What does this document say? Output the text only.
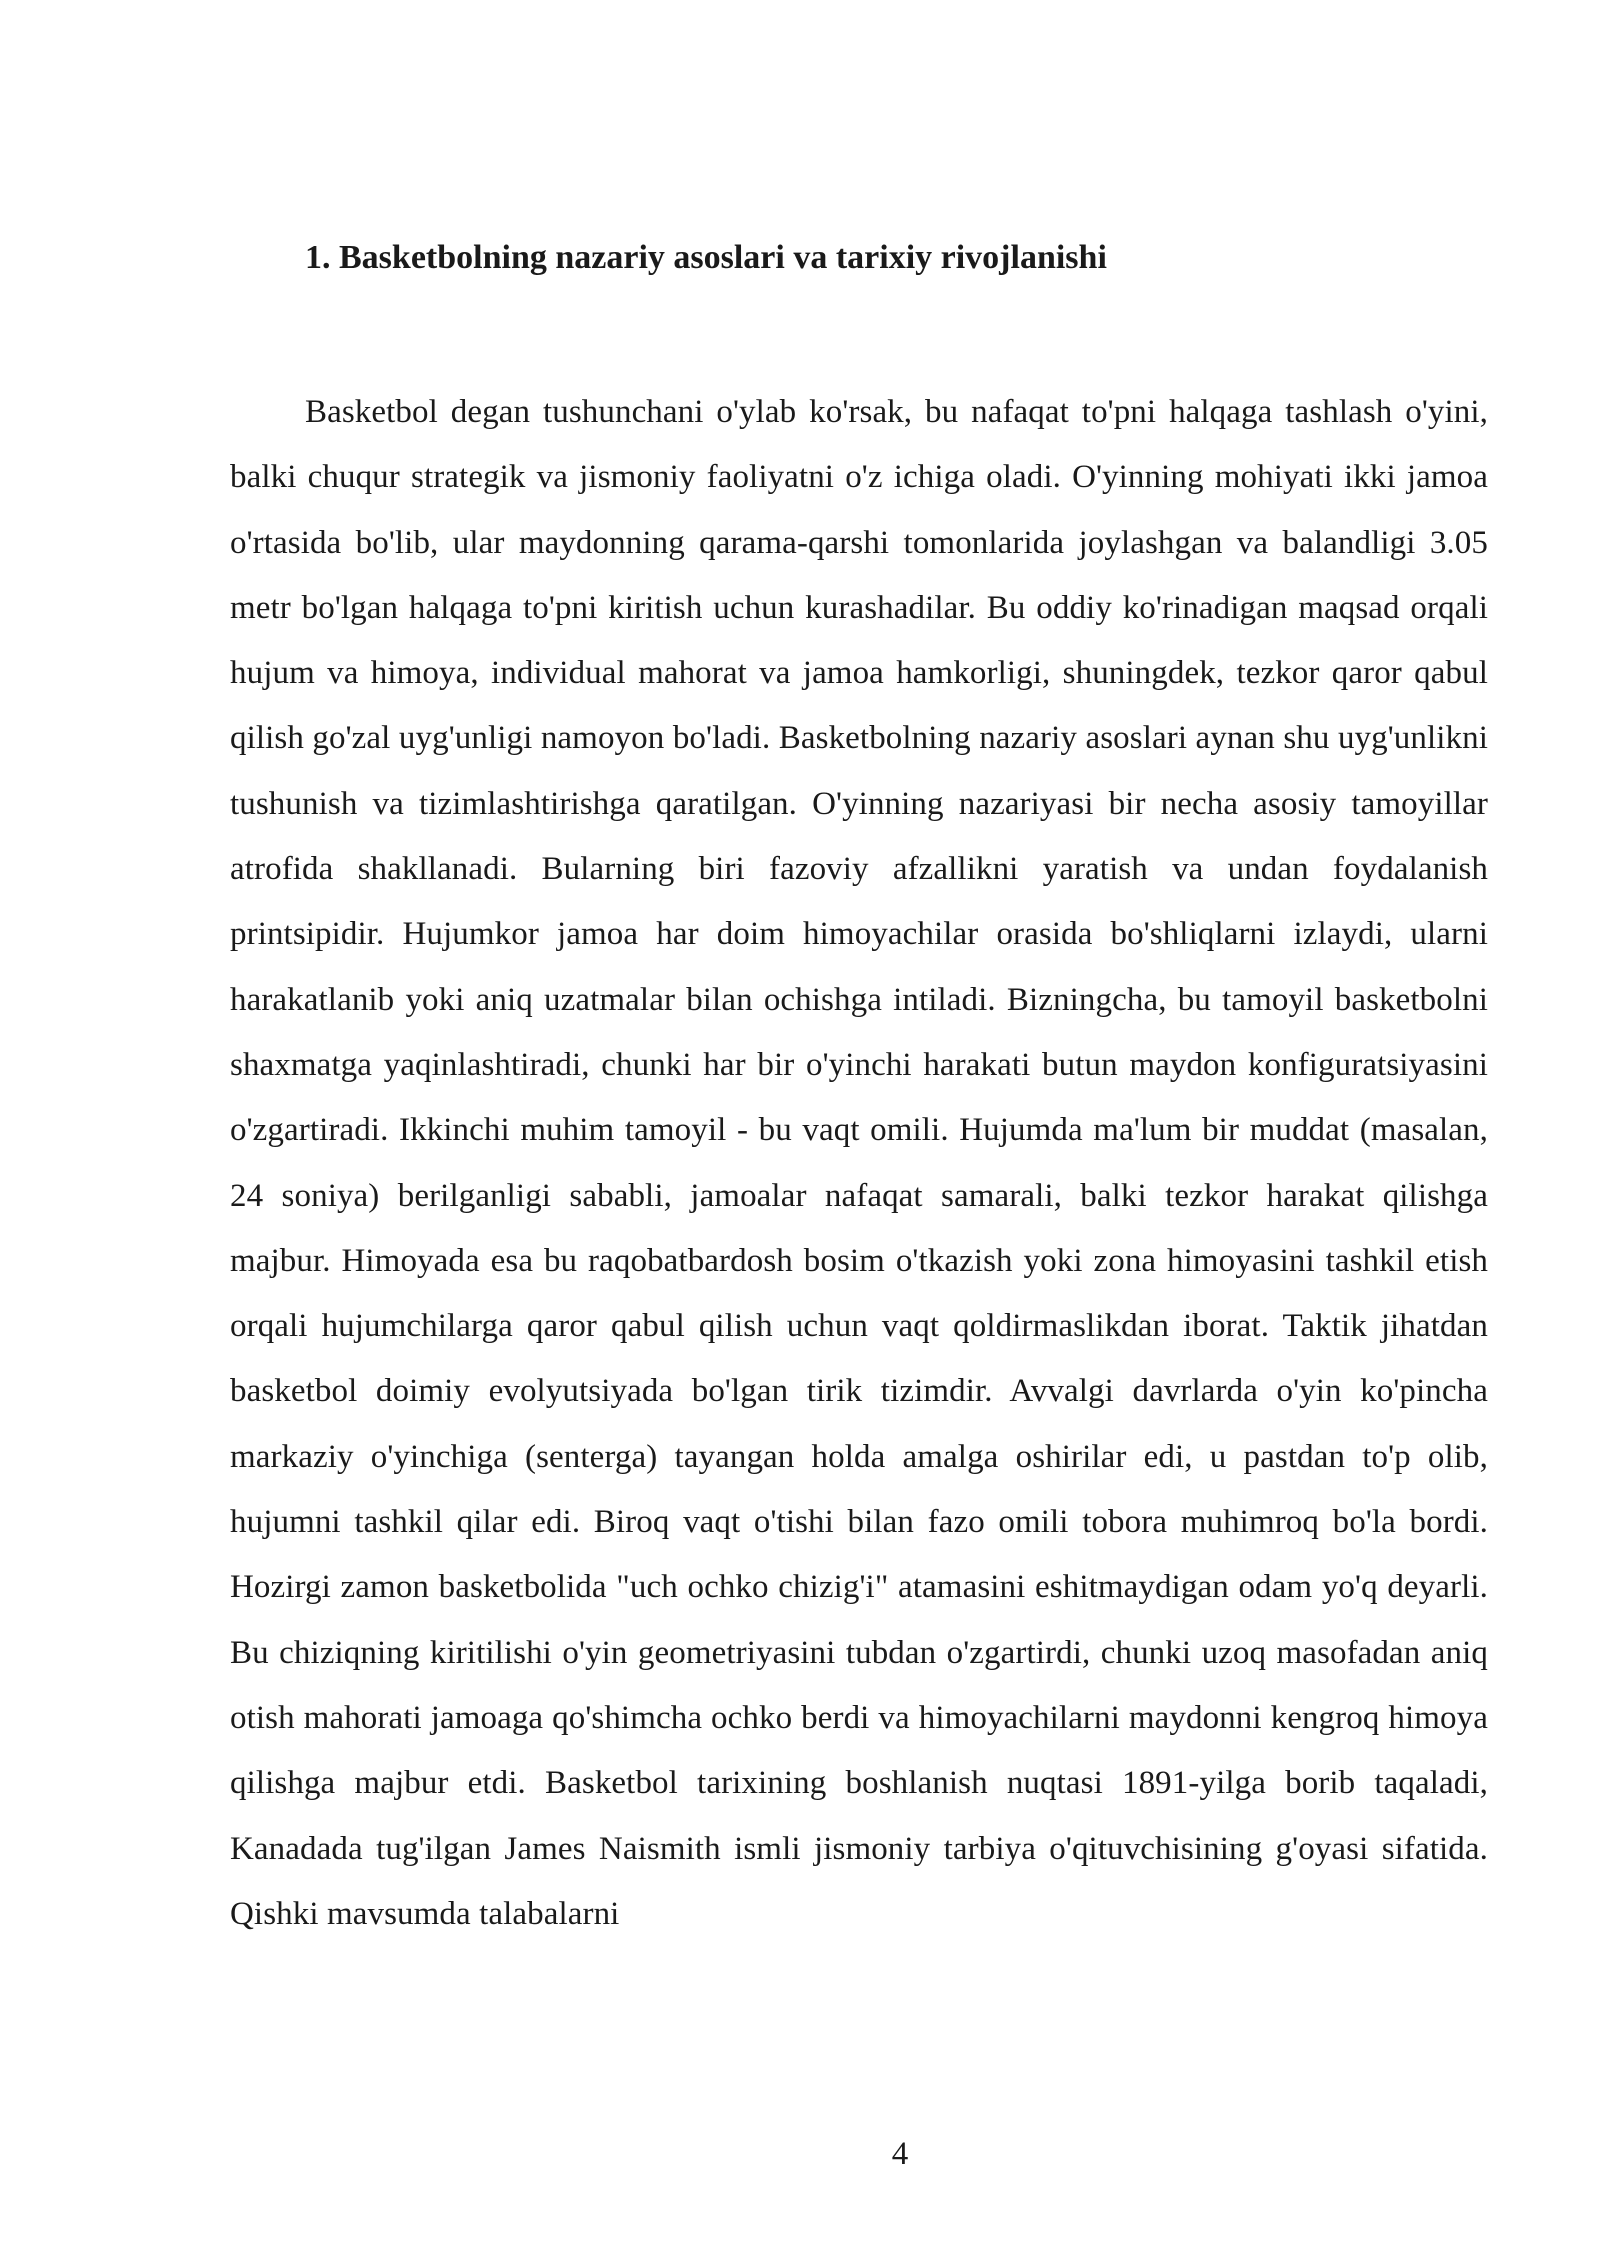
1. Basketbolning nazariy asoslari va tarixiy rivojlanishi

Basketbol degan tushunchani o'ylab ko'rsak, bu nafaqat to'pni halqaga tashlash o'yini, balki chuqur strategik va jismoniy faoliyatni o'z ichiga oladi. O'yinning mohiyati ikki jamoa o'rtasida bo'lib, ular maydonning qarama-qarshi tomonlarida joylashgan va balandligi 3.05 metr bo'lgan halqaga to'pni kiritish uchun kurashadilar. Bu oddiy ko'rinadigan maqsad orqali hujum va himoya, individual mahorat va jamoa hamkorligi, shuningdek, tezkor qaror qabul qilish go'zal uyg'unligi namoyon bo'ladi. Basketbolning nazariy asoslari aynan shu uyg'unlikni tushunish va tizimlashtirishga qaratilgan. O'yinning nazariyasi bir necha asosiy tamoyillar atrofida shakllanadi. Bularning biri fazoviy afzallikni yaratish va undan foydalanish printsipidir. Hujumkor jamoa har doim himoyachilar orasida bo'shliqlarni izlaydi, ularni harakatlanib yoki aniq uzatmalar bilan ochishga intiladi. Bizningcha, bu tamoyil basketbolni shaxmatga yaqinlashtiradi, chunki har bir o'yinchi harakati butun maydon konfiguratsiyasini o'zgartiradi. Ikkinchi muhim tamoyil - bu vaqt omili. Hujumda ma'lum bir muddat (masalan, 24 soniya) berilganligi sababli, jamoalar nafaqat samarali, balki tezkor harakat qilishga majbur. Himoyada esa bu raqobatbardosh bosim o'tkazish yoki zona himoyasini tashkil etish orqali hujumchilarga qaror qabul qilish uchun vaqt qoldirmaslikdan iborat. Taktik jihatdan basketbol doimiy evolyutsiyada bo'lgan tirik tizimdir. Avvalgi davrlarda o'yin ko'pincha markaziy o'yinchiga (senterga) tayangan holda amalga oshirilar edi, u pastdan to'p olib, hujumni tashkil qilar edi. Biroq vaqt o'tishi bilan fazo omili tobora muhimroq bo'la bordi. Hozirgi zamon basketbolida "uch ochko chizig'i" atamasini eshitmaydigan odam yo'q deyarli. Bu chiziqning kiritilishi o'yin geometriyasini tubdan o'zgartirdi, chunki uzoq masofadan aniq otish mahorati jamoaga qo'shimcha ochko berdi va himoyachilarni maydonni kengroq himoya qilishga majbur etdi. Basketbol tarixining boshlanish nuqtasi 1891-yilga borib taqaladi, Kanadada tug'ilgan James Naismith ismli jismoniy tarbiya o'qituvchisining g'oyasi sifatida. Qishki mavsumda talabalarni

4
